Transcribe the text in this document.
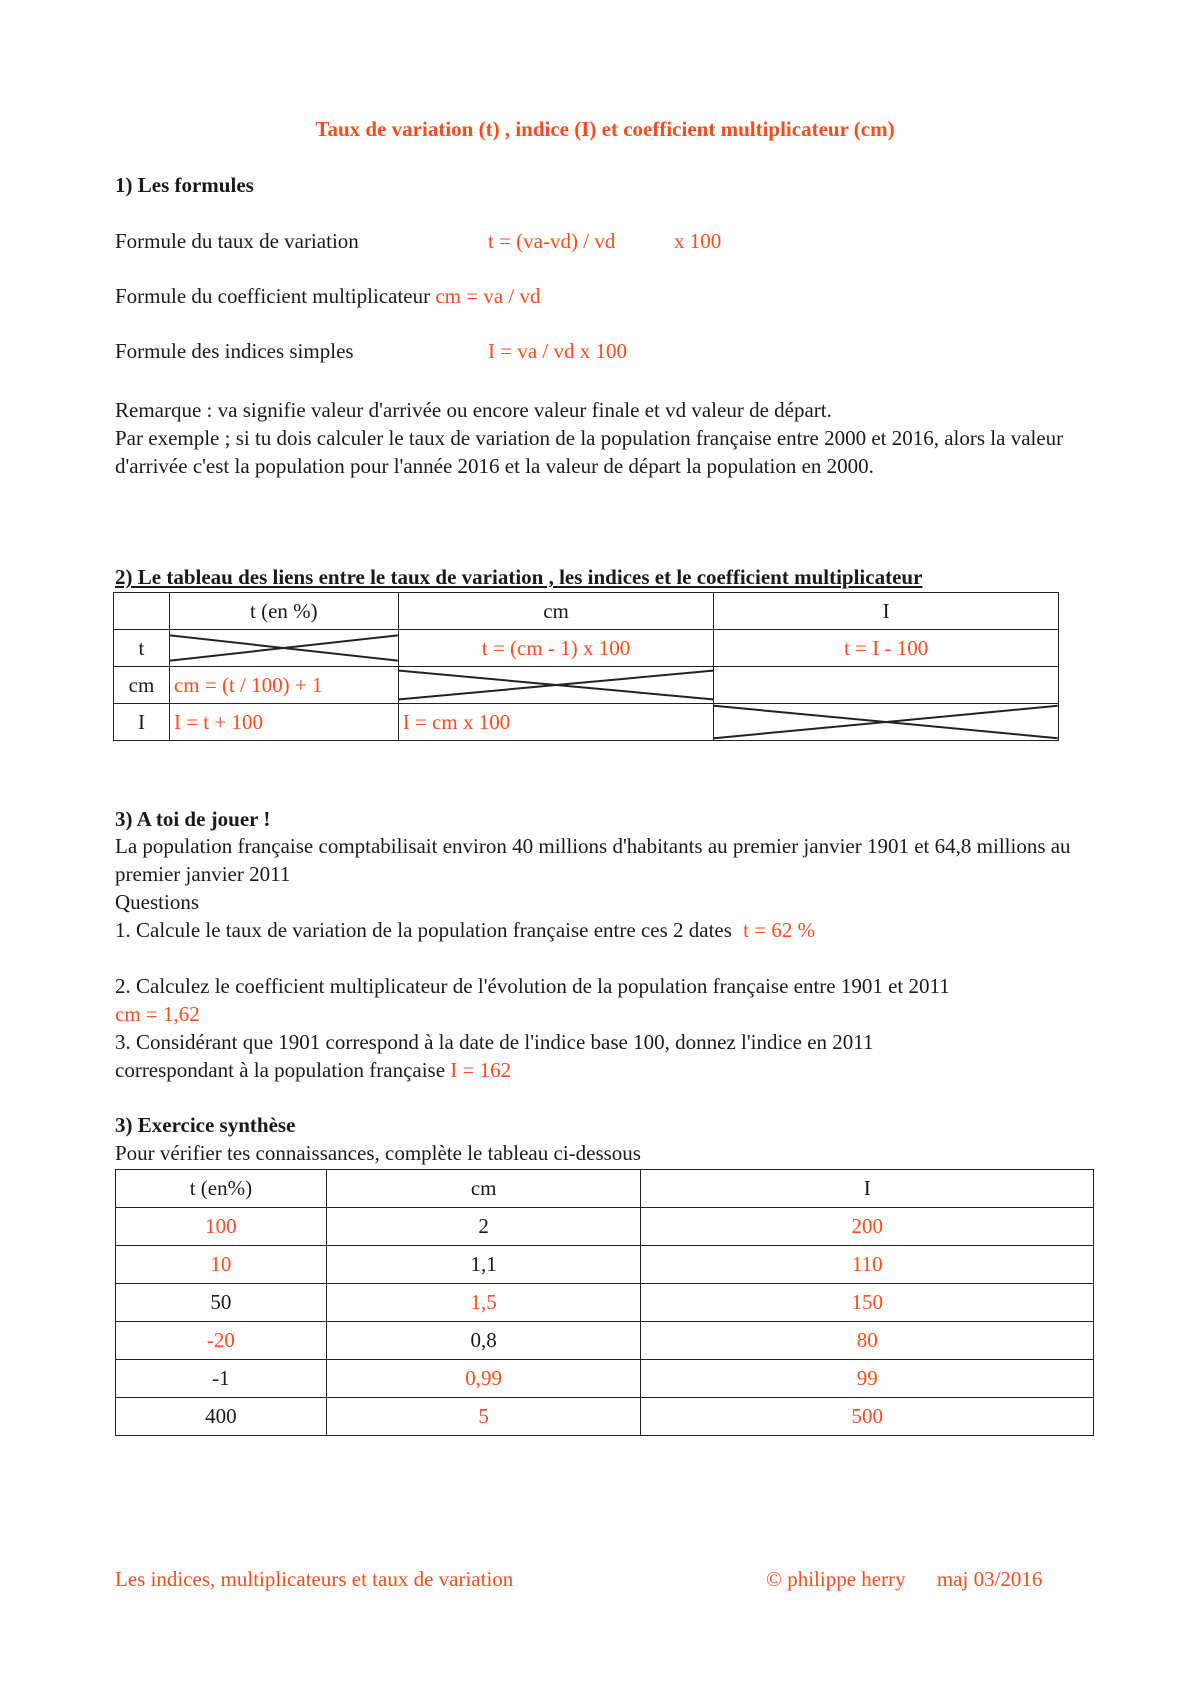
Taux de variation (t) , indice (I) et coefficient multiplicateur (cm)
1) Les formules
Formule du taux de variation	t = (va-vd) / vd	x 100
Formule du coefficient multiplicateur cm = va / vd
Formule des indices simples	I = va / vd x 100
Remarque : va signifie valeur d'arrivée ou encore valeur finale et vd valeur de départ.
Par exemple ; si tu dois calculer le taux de variation de la population française entre 2000 et 2016, alors la valeur d'arrivée c'est la population pour l'année 2016 et la valeur de départ la population en 2000.
2) Le tableau des liens entre le taux de variation , les indices et le coefficient multiplicateur
	t (en %)	cm	I
t		t = (cm - 1) x 100	t = I - 100
cm	cm = (t / 100) + 1	

I	I = t + 100	I = cm x 100	
3) A toi de jouer !
La population française comptabilisait environ 40 millions d'habitants au premier janvier 1901 et 64,8 millions au premier janvier 2011
Questions
1. Calcule le taux de variation de la population française entre ces 2 dates t = 62 %
2. Calculez le coefficient multiplicateur de l'évolution de la population française entre 1901 et 2011
cm = 1,62
3. Considérant que 1901 correspond à la date de l'indice base 100, donnez l'indice en 2011
correspondant à la population française I = 162
3) Exercice synthèse
Pour vérifier tes connaissances, complète le tableau ci-dessous
t (en%)	cm	I
100	2	200
10	1,1	110
50	1,5	150
-20	0,8	80
-1	0,99	99
400	5	500
Les indices, multiplicateurs et taux de variation	© philippe herry maj 03/2016
